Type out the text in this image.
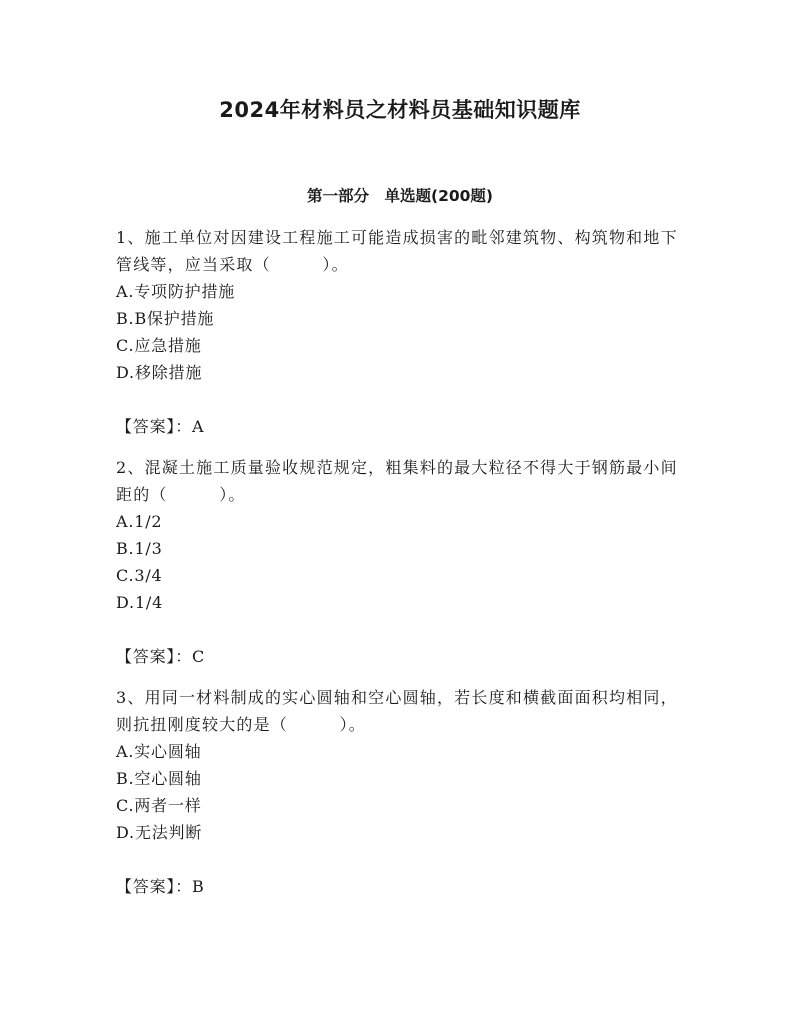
2024年材料员之材料员基础知识题库
第一部分　单选题(200题)

1、施工单位对因建设工程施工可能造成损害的毗邻建筑物、构筑物和地下管线等，应当采取（　　　）。

A.专项防护措施
B.B保护措施
C.应急措施
D.移除措施
【答案】：A

2、混凝土施工质量验收规范规定，粗集料的最大粒径不得大于钢筋最小间距的（　　　）。

A.1/2
B.1/3
C.3/4
D.1/4
【答案】：C

3、用同一材料制成的实心圆轴和空心圆轴，若长度和横截面面积均相同，则抗扭刚度较大的是（　　　）。

A.实心圆轴
B.空心圆轴
C.两者一样
D.无法判断
【答案】：B
